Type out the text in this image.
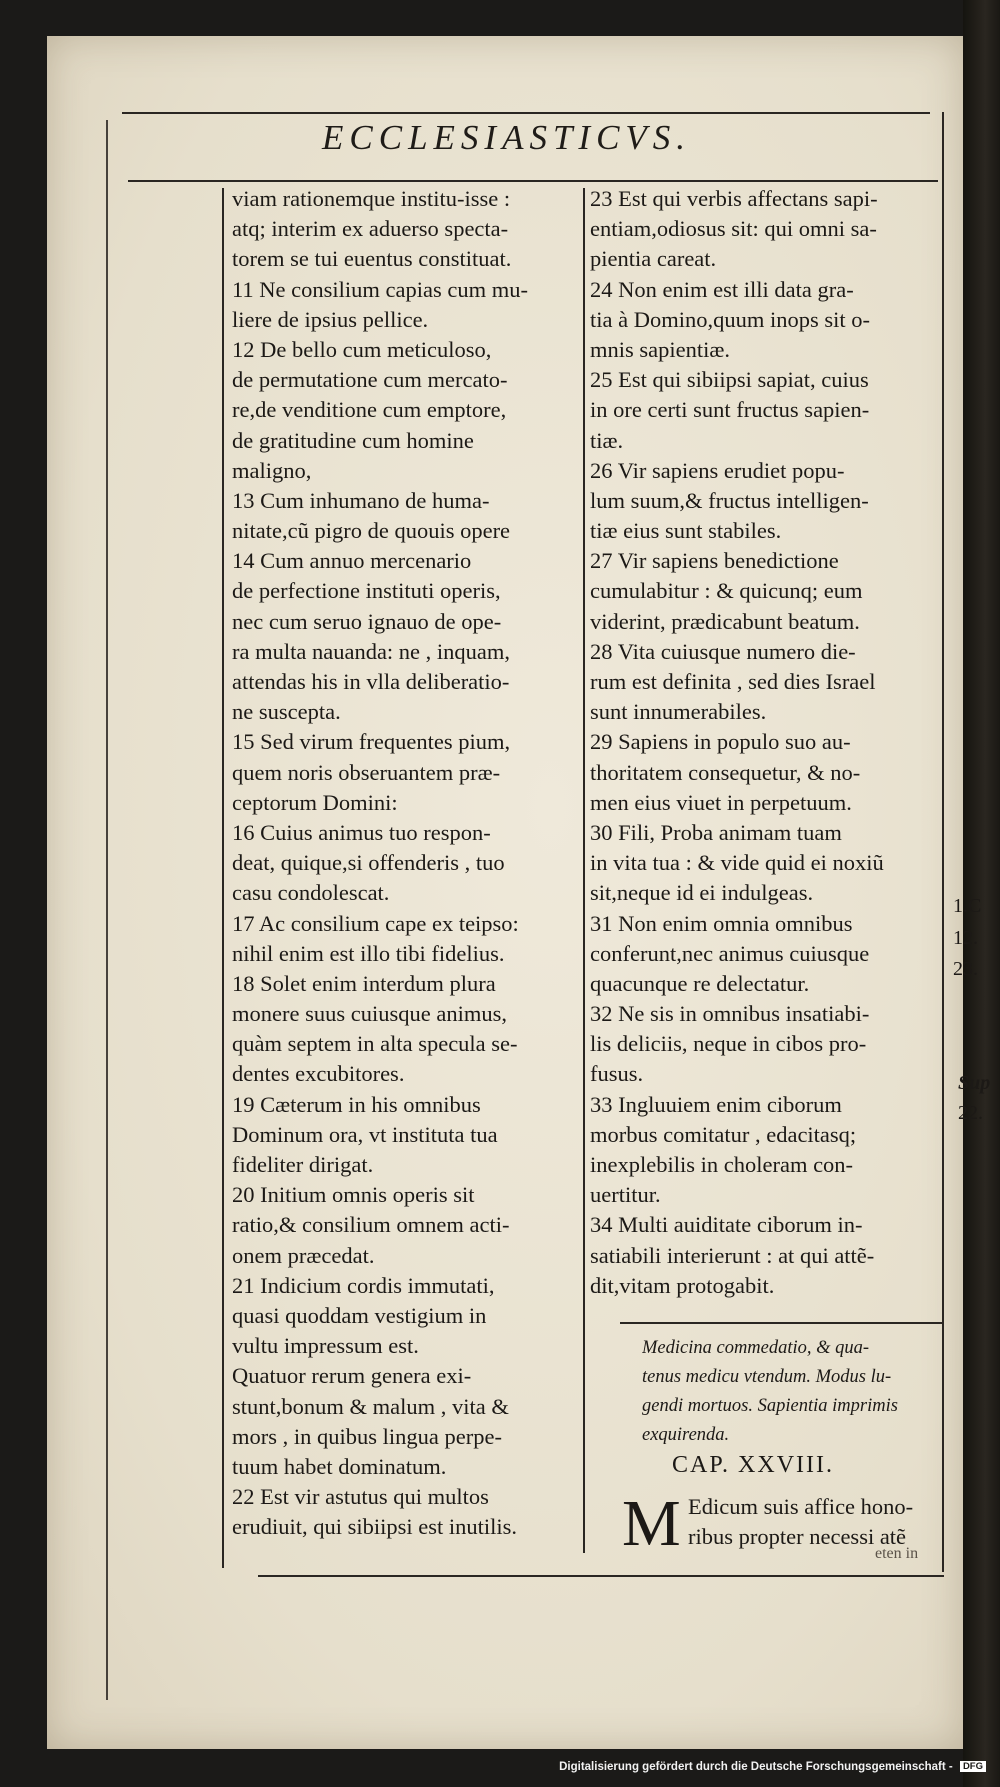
ECCLESIASTICVS.
viam rationemque institu-isse :
atq; interim ex aduerso specta-
torem se tui euentus constituat.
11 Ne consilium capias cum mu-
liere de ipsius pellice.
12 De bello cum meticuloso,
de permutatione cum mercato-
re,de venditione cum emptore,
de gratitudine cum homine
maligno,
13 Cum inhumano de huma-
nitate,cũ pigro de quouis opere
14 Cum annuo mercenario
de perfectione instituti operis,
nec cum seruo ignauo de ope-
ra multa nauanda: ne , inquam,
attendas his in vlla deliberatio-
ne suscepta.
15 Sed virum frequentes pium,
quem noris obseruantem præ-
ceptorum Domini:
16 Cuius animus tuo respon-
deat, quique,si offenderis , tuo
casu condolescat.
17 Ac consilium cape ex teipso:
nihil enim est illo tibi fidelius.
18 Solet enim interdum plura
monere suus cuiusque animus,
quàm septem in alta specula se-
dentes excubitores.
19 Cæterum in his omnibus
Dominum ora, vt instituta tua
fideliter dirigat.
20 Initium omnis operis sit
ratio,& consilium omnem acti-
onem præcedat.
21 Indicium cordis immutati,
quasi quoddam vestigium in
vultu impressum est.
Quatuor rerum genera exi-
stunt,bonum & malum , vita &
mors , in quibus lingua perpe-
tuum habet dominatum.
22 Est vir astutus qui multos
erudiuit, qui sibiipsi est inutilis.
23 Est qui verbis affectans sapi-
entiam,odiosus sit: qui omni sa-
pientia careat.
24 Non enim est illi data gra-
tia à Domino,quum inops sit o-
mnis sapientiæ.
25 Est qui sibiipsi sapiat, cuius
in ore certi sunt fructus sapien-
tiæ.
26 Vir sapiens erudiet popu-
lum suum,& fructus intelligen-
tiæ eius sunt stabiles.
27 Vir sapiens benedictione
cumulabitur : & quicunq; eum
viderint, prædicabunt beatum.
28 Vita cuiusque numero die-
rum est definita , sed dies Israel
sunt innumerabiles.
29 Sapiens in populo suo au-
thoritatem consequetur, & no-
men eius viuet in perpetuum.
30 Fili, Proba animam tuam
in vita tua : & vide quid ei noxiũ
sit,neque id ei indulgeas.
31 Non enim omnia omnibus
conferunt,nec animus cuiusque
quacunque re delectatur.
32 Ne sis in omnibus insatiabi-
lis deliciis, neque in cibos pro-
fusus.
33 Ingluuiem enim ciborum
morbus comitatur , edacitasq;
inexplebilis in choleram con-
uertitur.
34 Multi auiditate ciborum in-
satiabili interierunt : at qui attẽ-
dit,vitam protogabit.
Medicina commedatio, & qua-
tenus medicu vtendum. Modus lu-
gendi mortuos. Sapientia imprimis
exquirenda.
CAP. XXVIII.
M Edicum suis affice hono-
ribus propter necessi atẽ
eten in
1.C
12.
23.
Sup
22.
Digitalisierung gefördert durch die Deutsche Forschungsgemeinschaft - DFG
